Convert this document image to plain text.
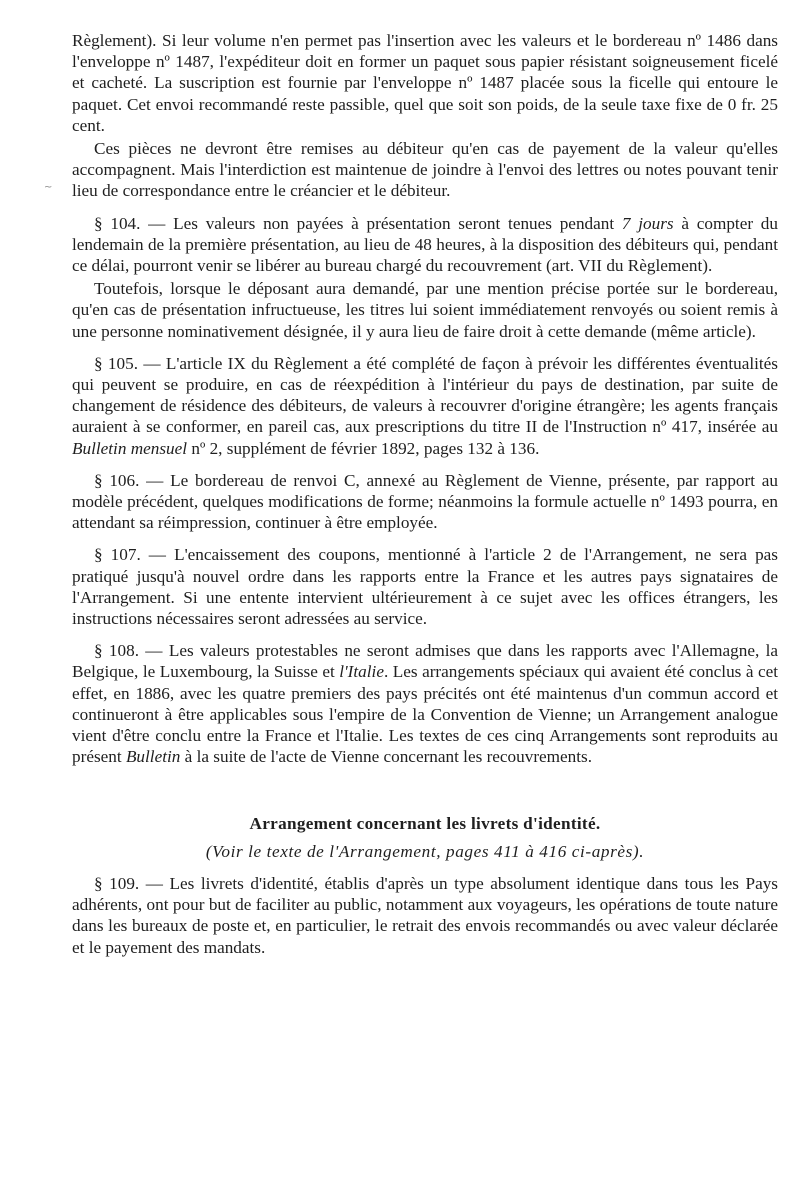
Règlement). Si leur volume n'en permet pas l'insertion avec les valeurs et le bordereau nº 1486 dans l'enveloppe nº 1487, l'expéditeur doit en former un paquet sous papier résistant soigneusement ficelé et cacheté. La suscription est fournie par l'enveloppe nº 1487 placée sous la ficelle qui entoure le paquet. Cet envoi recommandé reste passible, quel que soit son poids, de la seule taxe fixe de 0 fr. 25 cent.

Ces pièces ne devront être remises au débiteur qu'en cas de payement de la valeur qu'elles accompagnent. Mais l'interdiction est maintenue de joindre à l'envoi des lettres ou notes pouvant tenir lieu de correspondance entre le créancier et le débiteur.

§ 104. — Les valeurs non payées à présentation seront tenues pendant 7 jours à compter du lendemain de la première présentation, au lieu de 48 heures, à la disposition des débiteurs qui, pendant ce délai, pourront venir se libérer au bureau chargé du recouvrement (art. VII du Règlement).

Toutefois, lorsque le déposant aura demandé, par une mention précise portée sur le bordereau, qu'en cas de présentation infructueuse, les titres lui soient immédiatement renvoyés ou soient remis à une personne nominativement désignée, il y aura lieu de faire droit à cette demande (même article).

§ 105. — L'article IX du Règlement a été complété de façon à prévoir les différentes éventualités qui peuvent se produire, en cas de réexpédition à l'intérieur du pays de destination, par suite de changement de résidence des débiteurs, de valeurs à recouvrer d'origine étrangère; les agents français auraient à se conformer, en pareil cas, aux prescriptions du titre II de l'Instruction nº 417, insérée au Bulletin mensuel nº 2, supplément de février 1892, pages 132 à 136.

§ 106. — Le bordereau de renvoi C, annexé au Règlement de Vienne, présente, par rapport au modèle précédent, quelques modifications de forme; néanmoins la formule actuelle nº 1493 pourra, en attendant sa réimpression, continuer à être employée.

§ 107. — L'encaissement des coupons, mentionné à l'article 2 de l'Arrangement, ne sera pas pratiqué jusqu'à nouvel ordre dans les rapports entre la France et les autres pays signataires de l'Arrangement. Si une entente intervient ultérieurement à ce sujet avec les offices étrangers, les instructions nécessaires seront adressées au service.

§ 108. — Les valeurs protestables ne seront admises que dans les rapports avec l'Allemagne, la Belgique, le Luxembourg, la Suisse et l'Italie. Les arrangements spéciaux qui avaient été conclus à cet effet, en 1886, avec les quatre premiers des pays précités ont été maintenus d'un commun accord et continueront à être applicables sous l'empire de la Convention de Vienne; un Arrangement analogue vient d'être conclu entre la France et l'Italie. Les textes de ces cinq Arrangements sont reproduits au présent Bulletin à la suite de l'acte de Vienne concernant les recouvrements.

Arrangement concernant les livrets d'identité.

(Voir le texte de l'Arrangement, pages 411 à 416 ci-après).

§ 109. — Les livrets d'identité, établis d'après un type absolument identique dans tous les Pays adhérents, ont pour but de faciliter au public, notamment aux voyageurs, les opérations de toute nature dans les bureaux de poste et, en particulier, le retrait des envois recommandés ou avec valeur déclarée et le payement des mandats.

~
